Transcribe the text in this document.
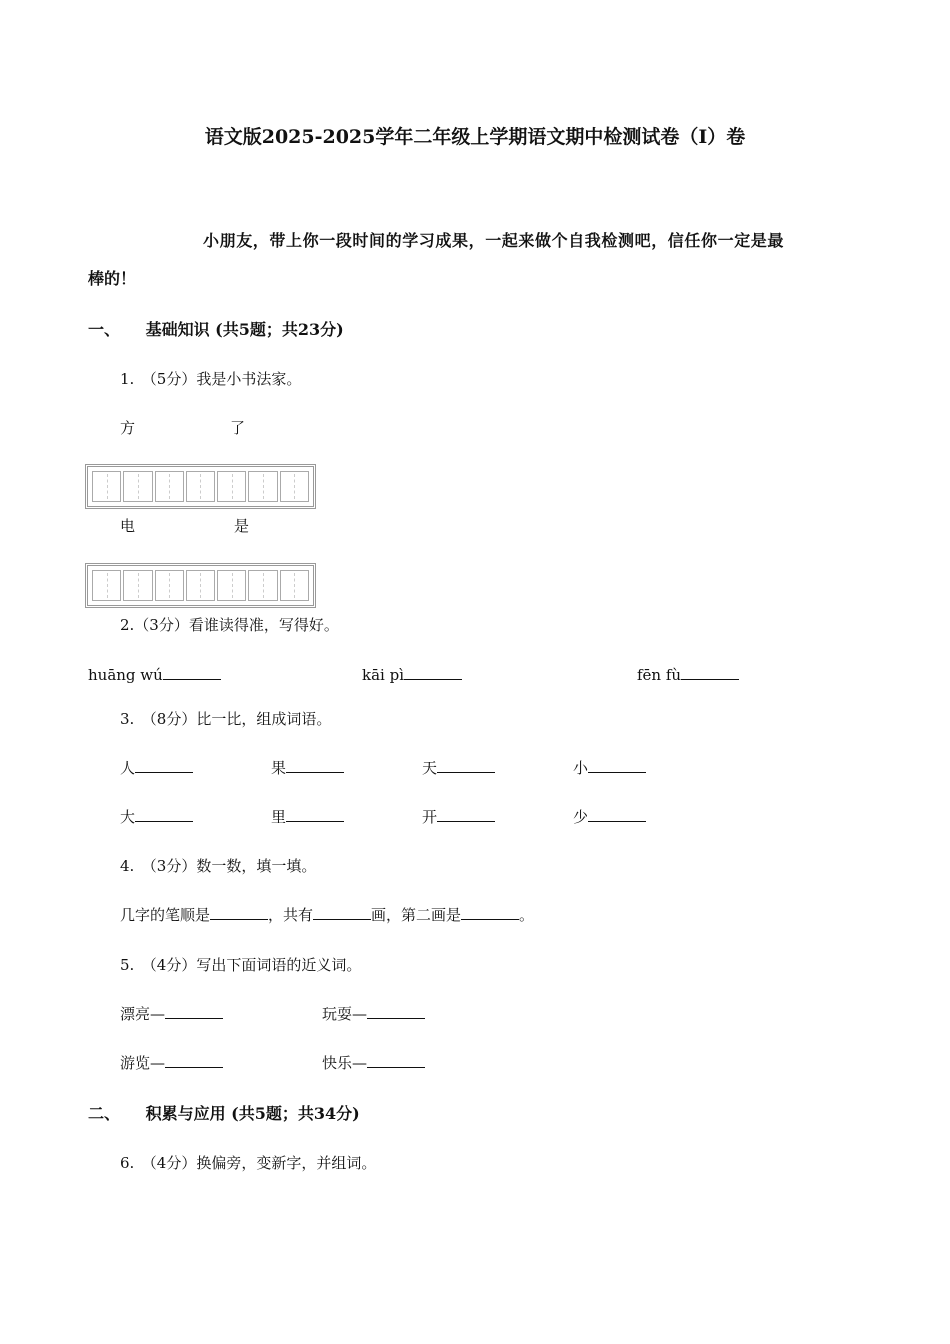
语文版2025-2025学年二年级上学期语文期中检测试卷（I）卷
小朋友，带上你一段时间的学习成果，一起来做个自我检测吧，信任你一定是最
棒的！
一、 基础知识 (共5题；共23分)
1.　（5分）我是小书法家。
方	了
电	是
2.（3分）看谁读得准，写得好。
huāng wú	kāi pì	fēn fù
3.　（8分）比一比，组成词语。
人	果	天	小
大	里	开	少
4.　（3分）数一数，填一填。
几字的笔顺是	，共有	画，第二画是	。
5.　（4分）写出下面词语的近义词。
漂亮—	玩耍—
游览—	快乐—
二、 积累与应用 (共5题；共34分)
6.　（4分）换偏旁，变新字，并组词。
